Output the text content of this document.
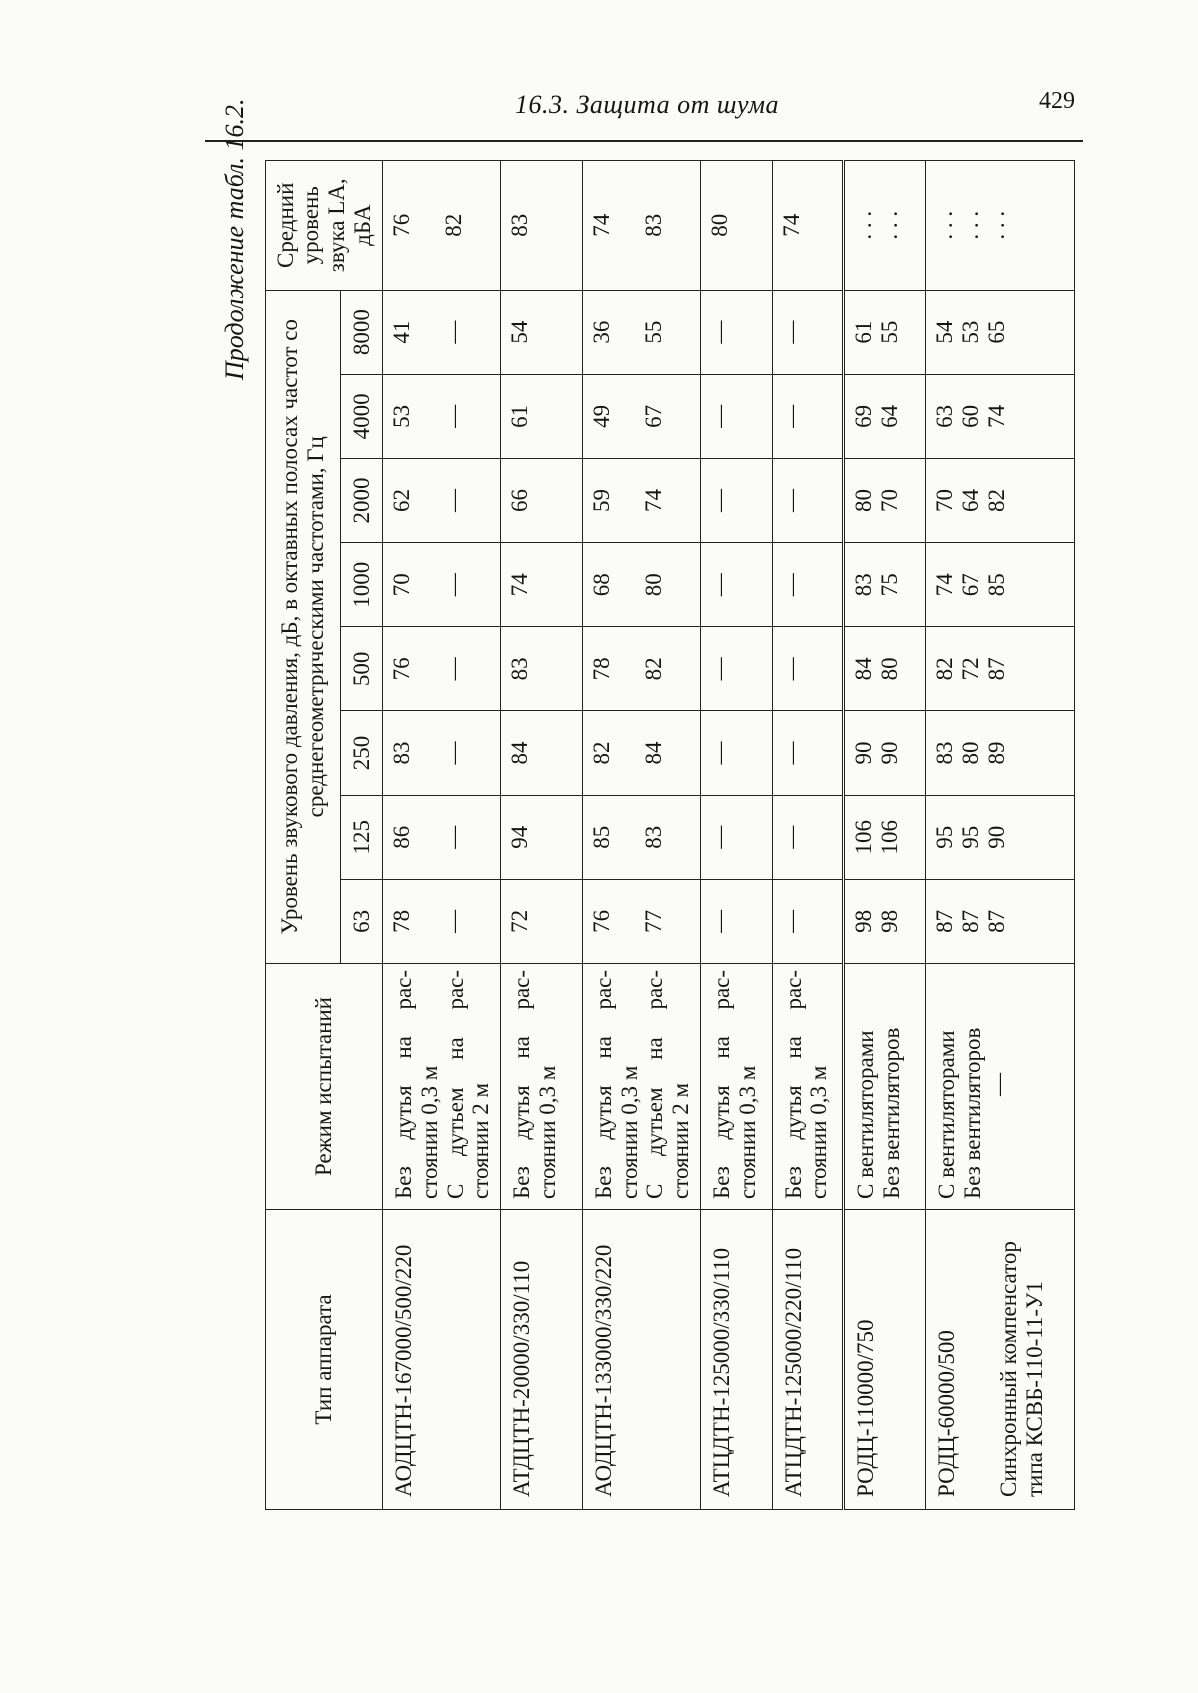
16.3. Защита от шума	429
Продолжение табл. 16.2.
Тип аппарата	Режим испытаний	Уровень звукового давления, дБ, в октавных полосах частот со среднегеометрическими частотами, Гц								Средний уровень звука LA, дБА
		63	125	250	500	1000	2000	4000	8000	
АОДЦТН-167000/500/220	Без дутья на рас-стоянии 0,3 м С дутьем на рас-стоянии 2 м	78 —	86 —	83 —	76 —	70 —	62 —	53 —	41 —	76 82

АТДЦТН-20000/330/110	Без дутья на рас-стоянии 0,3 м	72	94	84	83	74	66	61	54	83

АОДЦТН-133000/330/220	Без дутья на рас-стоянии 0,3 м С дутьем на рас-стоянии 2 м	76 77	85 83	82 84	78 82	68 80	59 74	49 67	36 55	74 83

АТЦДТН-125000/330/110	Без дутья на рас-стоянии 0,3 м	—	—	—	—	—	—	—	—	80

АТЦДТН-125000/220/110	Без дутья на рас-стоянии 0,3 м	—	—	—	—	—	—	—	—	74

РОДЦ-110000/750	С вентиляторами Без вентиляторов	98 98	106 106	90 90	84 80	83 75	80 70	69 64	61 55	. . . . . .

РОДЦ-60000/500 Синхронный компенсатор типа КСВБ-110-11-У1	С вентиляторами Без вентиляторов —	87 87 87	95 95 90	83 80 89	82 72 87	74 67 85	70 64 82	63 60 74	54 53 65	. . . . . . . . .
